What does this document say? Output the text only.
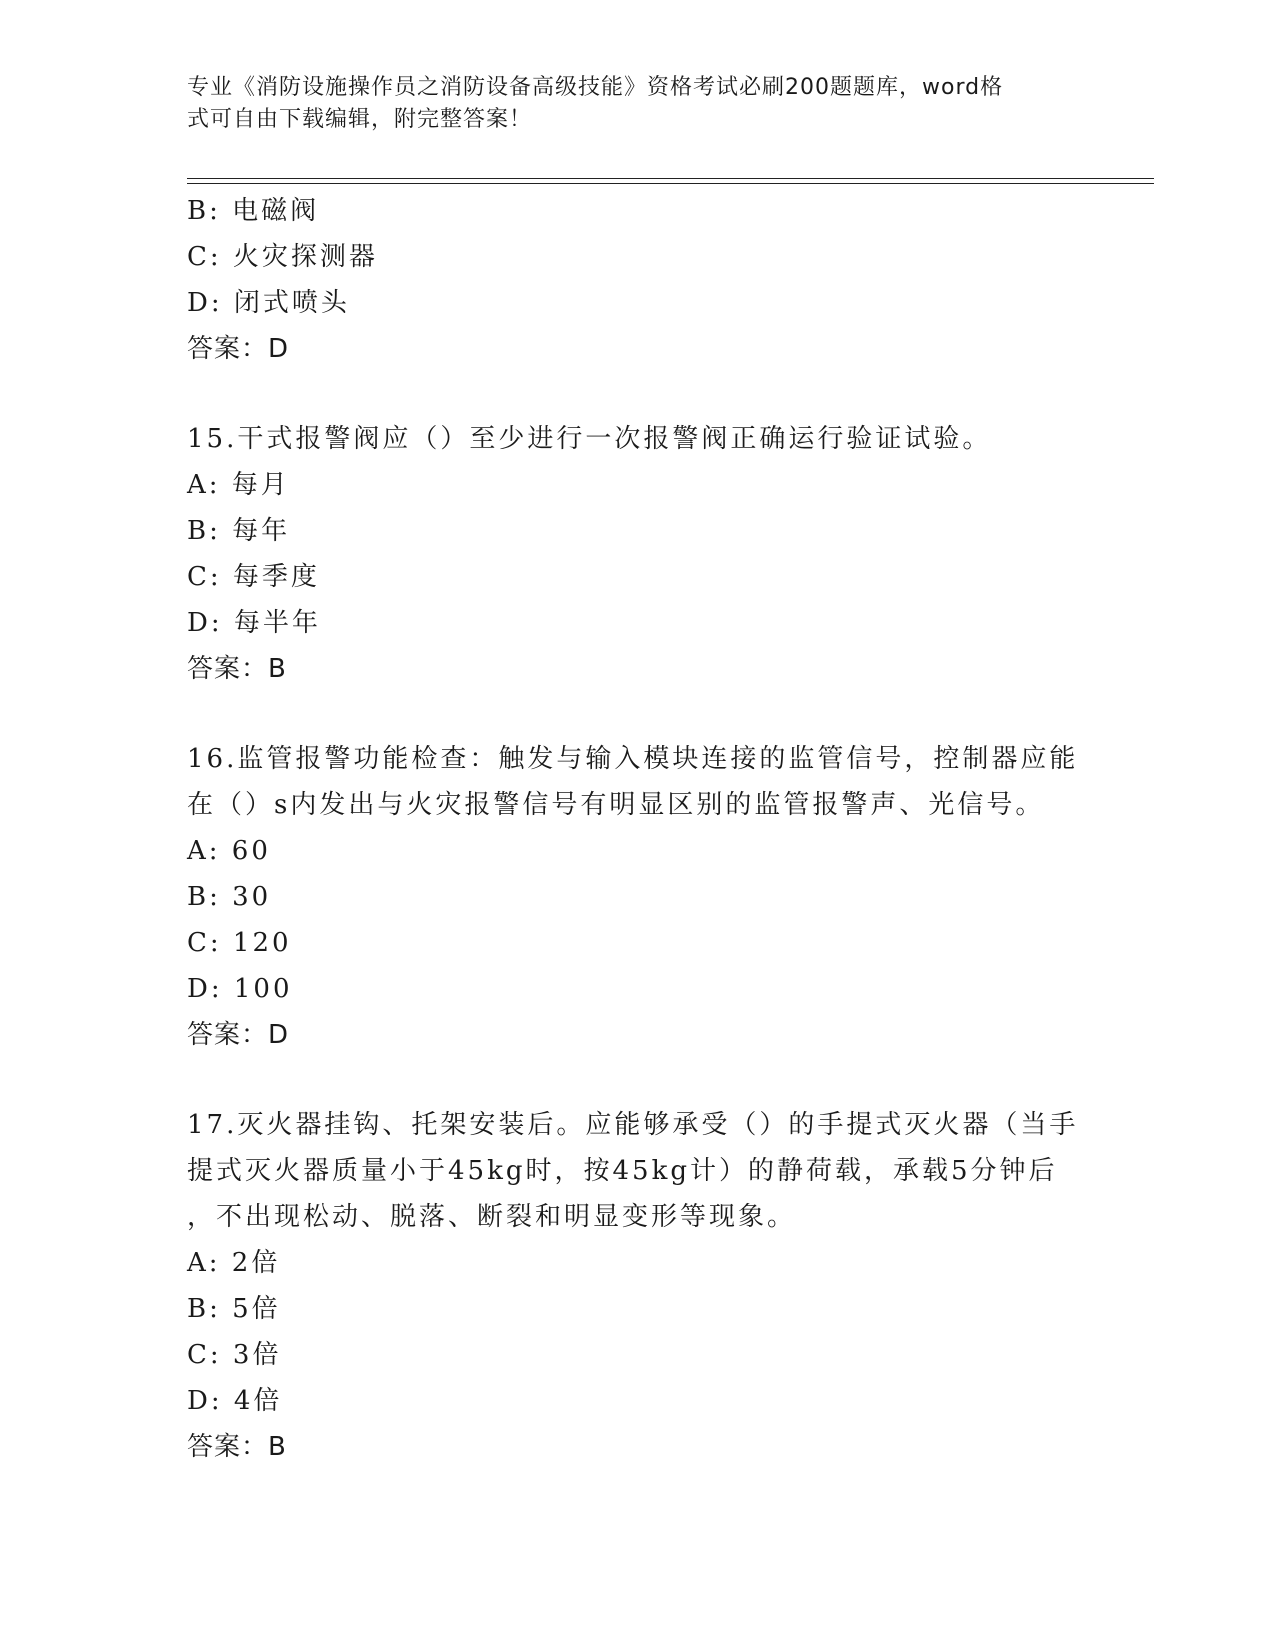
专业《消防设施操作员之消防设备高级技能》资格考试必刷200题题库，word格
式可自由下载编辑，附完整答案！
B: 电磁阀
C: 火灾探测器
D: 闭式喷头
答案：D
15.干式报警阀应（）至少进行一次报警阀正确运行验证试验。
A: 每月
B: 每年
C: 每季度
D: 每半年
答案：B
16.监管报警功能检查：触发与输入模块连接的监管信号，控制器应能
在（）s内发出与火灾报警信号有明显区别的监管报警声、光信号。
A: 60
B: 30
C: 120
D: 100
答案：D
17.灭火器挂钩、托架安装后。应能够承受（）的手提式灭火器（当手
提式灭火器质量小于45kg时，按45kg计）的静荷载，承载5分钟后
，不出现松动、脱落、断裂和明显变形等现象。
A: 2倍
B: 5倍
C: 3倍
D: 4倍
答案：B
